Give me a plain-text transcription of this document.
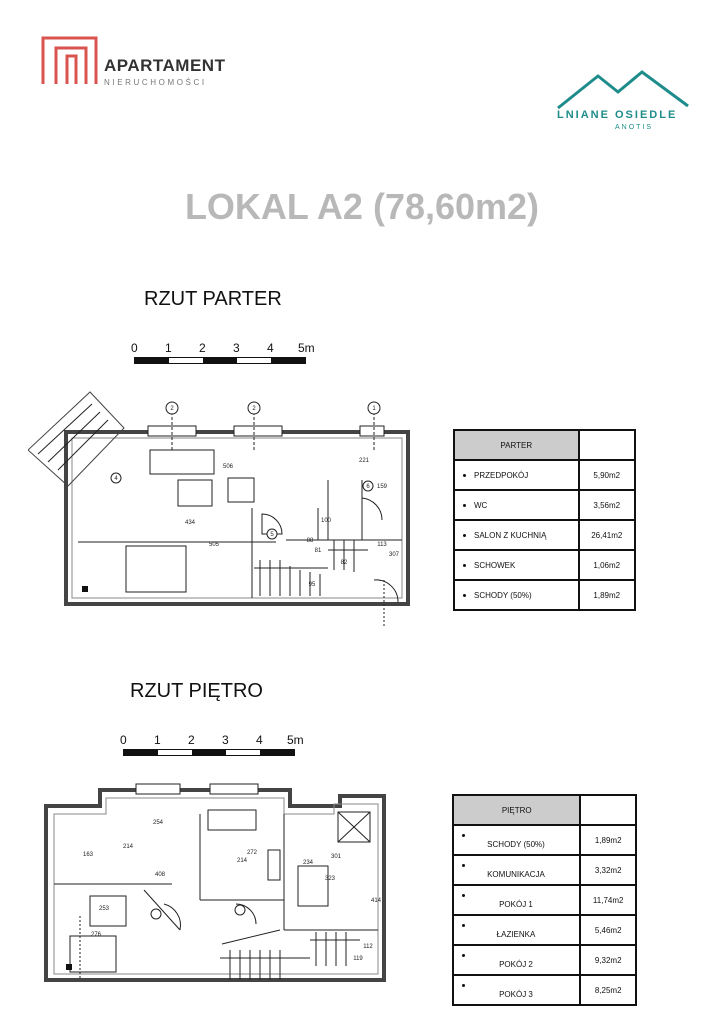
APARTAMENT
NIERUCHOMOŚCI
LNIANE OSIEDLE
ANOTIS
LOKAL A2 (78,60m2)
RZUT PARTER
0 1 2 3 4 5m
2	2	1
4
5
6
506
434
505
221
159
100
88
81
113
307
82
95
PARTER	
PRZEDPOKÓJ	5,90m2
WC	3,56m2
SALON Z KUCHNIĄ	26,41m2
SCHOWEK	1,06m2
SCHODY (50%)	1,89m2
RZUT PIĘTRO
0 1 2 3 4 5m
254
163
214
408
253
276
272
214	234
301
323
414
112
119
PIĘTRO	
SCHODY (50%)	1,89m2
KOMUNIKACJA	3,32m2
POKÓJ 1	11,74m2
ŁAZIENKA	5,46m2
POKÓJ 2	9,32m2
POKÓJ 3	8,25m2
